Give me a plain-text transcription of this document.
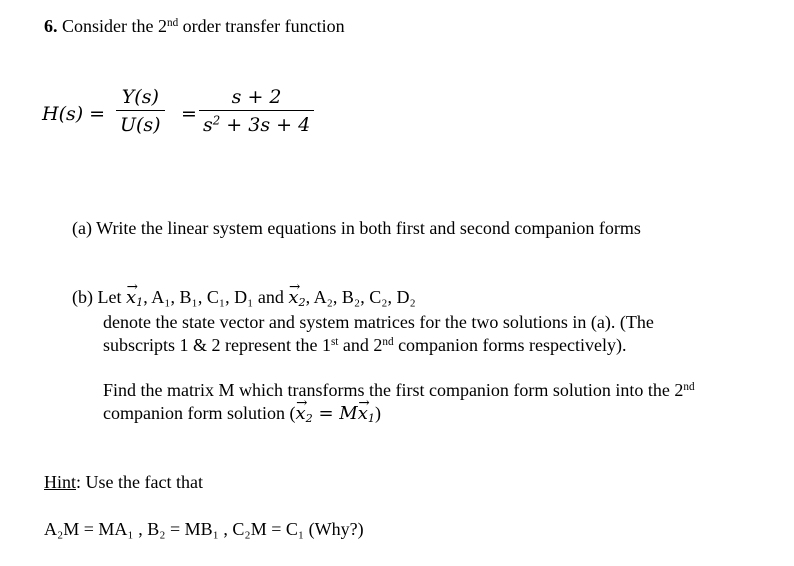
6. Consider the 2nd order transfer function
$H(s) = \frac{Y(s)}{U(s)} = \frac{s + 2}{s^2 + 3s + 4}$
(a) Write the linear system equations in both first and second companion forms
(b) Let → $x_1$, A₁, B₁, C₁, D₁ and → $x_2$, A₂, B₂, C₂, D₂
denote the state vector and system matrices for the two solutions in (a). (The
subscripts 1 & 2 represent the 1st and 2nd companion forms respectively).
Find the matrix M which transforms the first companion form solution into the 2nd
companion form solution (→ $x_2 = M\to x_1$)
Hint: Use the fact that
A₂M = MA₁ , B₂ = MB₁ , C₂M = C₁ (Why?)
